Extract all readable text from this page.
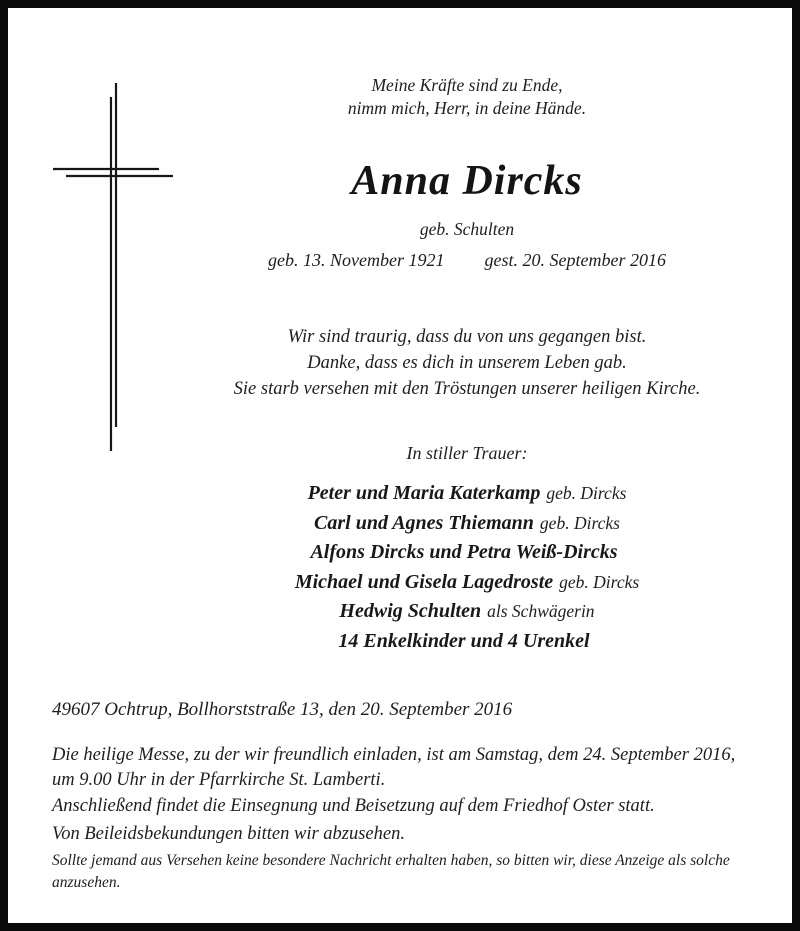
Meine Kräfte sind zu Ende,
nimm mich, Herr, in deine Hände.
Anna Dircks
geb. Schulten
geb. 13. November 1921 gest. 20. September 2016
Wir sind traurig, dass du von uns gegangen bist.
Danke, dass es dich in unserem Leben gab.
Sie starb versehen mit den Tröstungen unserer heiligen Kirche.
In stiller Trauer:
Peter und Maria Katerkamp geb. Dircks
Carl und Agnes Thiemann geb. Dircks
Alfons Dircks und Petra Weiß-Dircks
Michael und Gisela Lagedroste geb. Dircks
Hedwig Schulten als Schwägerin
14 Enkelkinder und 4 Urenkel
49607 Ochtrup, Bollhorststraße 13, den 20. September 2016
Die heilige Messe, zu der wir freundlich einladen, ist am Samstag, dem 24. September 2016, um 9.00 Uhr in der Pfarrkirche St. Lamberti.
Anschließend findet die Einsegnung und Beisetzung auf dem Friedhof Oster statt.
Von Beileidsbekundungen bitten wir abzusehen.
Sollte jemand aus Versehen keine besondere Nachricht erhalten haben, so bitten wir, diese Anzeige als solche anzusehen.
